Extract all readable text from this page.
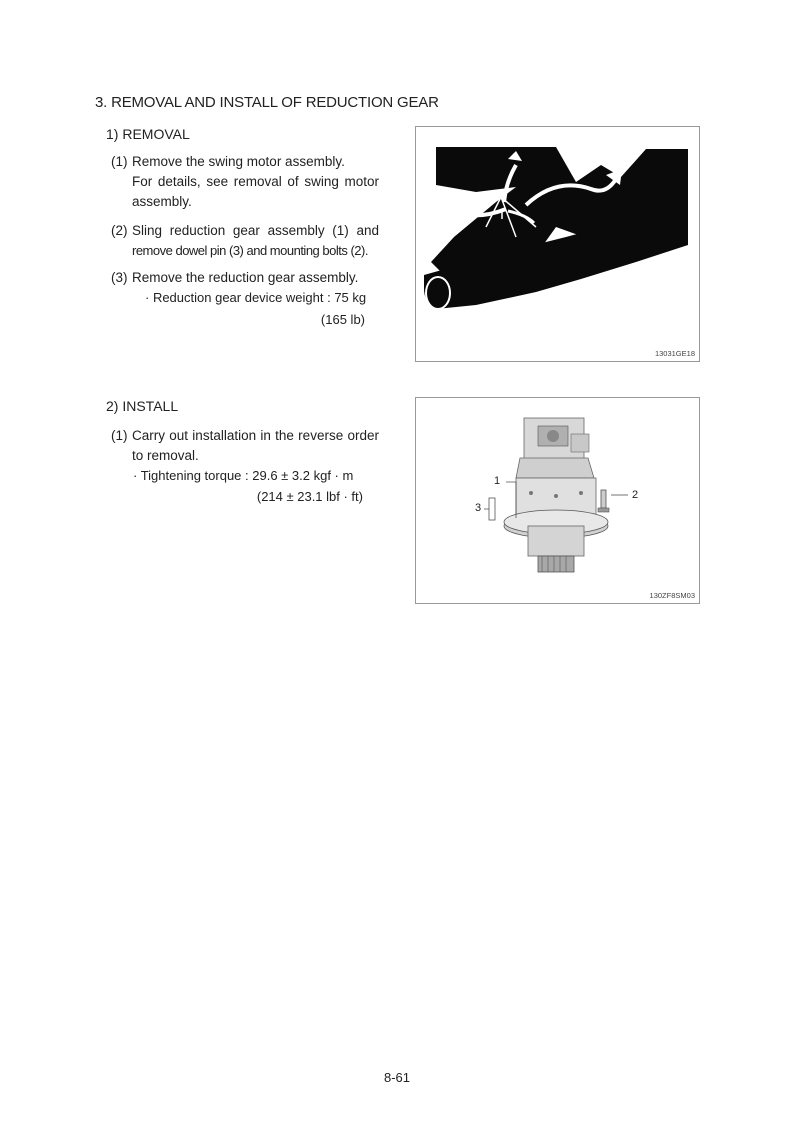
3. REMOVAL AND INSTALL OF REDUCTION GEAR
1) REMOVAL
(1) Remove the swing motor assembly.
For details, see removal of swing motor
assembly.
(2) Sling reduction gear assembly (1) and
remove dowel pin (3) and mounting bolts (2).
(3) Remove the reduction gear assembly.
· Reduction gear device weight : 75 kg
(165 lb)
13031GE18
2) INSTALL
(1) Carry out installation in the reverse order
to removal.
· Tightening torque : 29.6 ± 3.2 kgf · m
(214 ± 23.1 lbf · ft)
1
2
3
130ZF8SM03
8-61
